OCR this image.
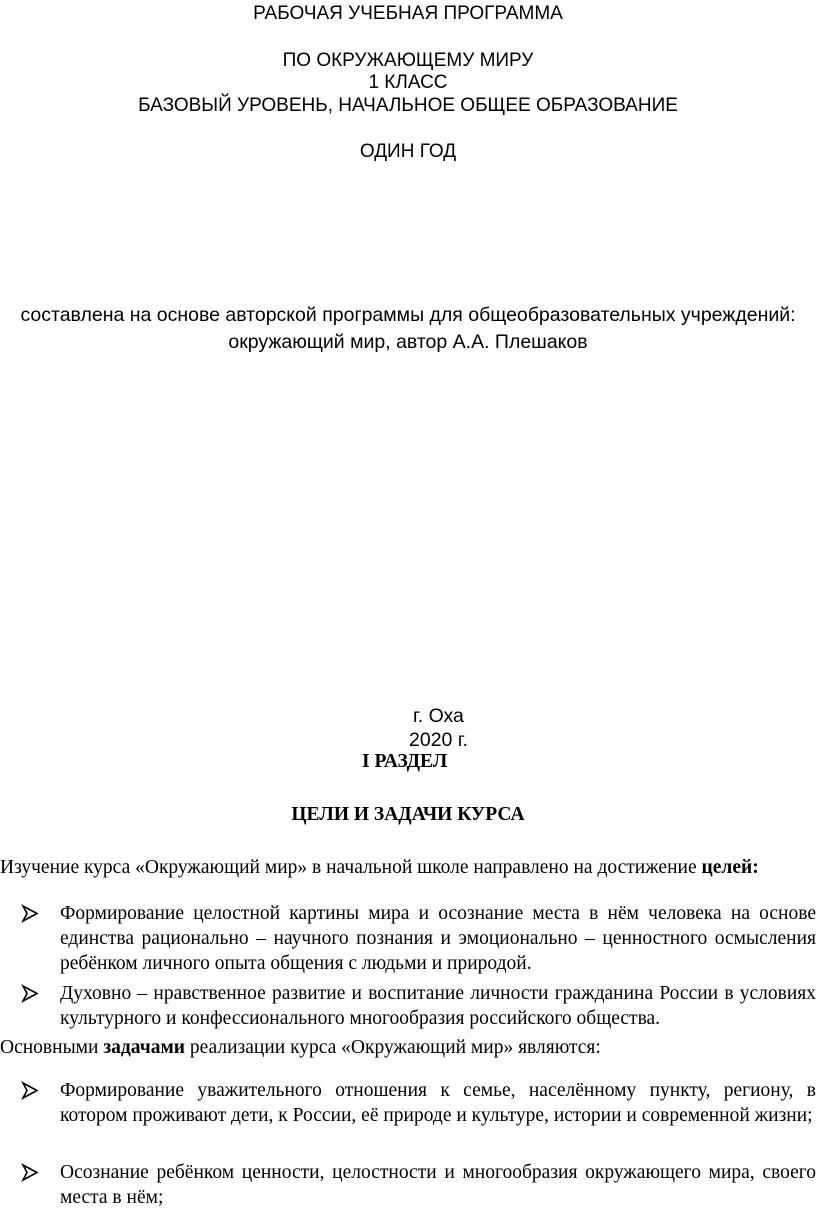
РАБОЧАЯ УЧЕБНАЯ ПРОГРАММА
ПО ОКРУЖАЮЩЕМУ МИРУ
1 КЛАСС
БАЗОВЫЙ УРОВЕНЬ, НАЧАЛЬНОЕ ОБЩЕЕ ОБРАЗОВАНИЕ
ОДИН ГОД
составлена на основе авторской программы для общеобразовательных учреждений:
окружающий мир, автор А.А. Плешаков
г. Оха
2020 г.
I РАЗДЕЛ
ЦЕЛИ И ЗАДАЧИ КУРСА
Изучение курса «Окружающий мир» в начальной школе направлено на достижение целей:
Формирование целостной картины мира и осознание места в нём человека на основе единства рационально – научного познания и эмоционально – ценностного осмысления ребёнком личного опыта общения с людьми и природой.
Духовно – нравственное развитие и воспитание личности гражданина России в условиях культурного и конфессионального многообразия российского общества.
Основными задачами реализации курса «Окружающий мир» являются:
Формирование уважительного отношения к семье, населённому пункту, региону, в котором проживают дети, к России, её природе и культуре, истории и современной жизни;
Осознание ребёнком ценности, целостности и многообразия окружающего мира, своего места в нём;
